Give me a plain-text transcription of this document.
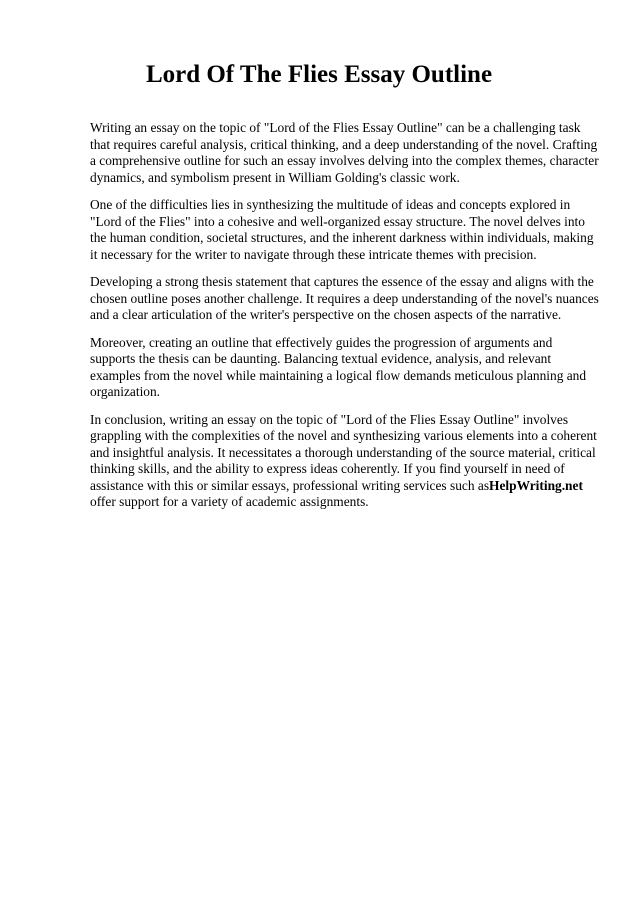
Lord Of The Flies Essay Outline

Writing an essay on the topic of "Lord of the Flies Essay Outline" can be a challenging task that requires careful analysis, critical thinking, and a deep understanding of the novel. Crafting a comprehensive outline for such an essay involves delving into the complex themes, character dynamics, and symbolism present in William Golding's classic work.

One of the difficulties lies in synthesizing the multitude of ideas and concepts explored in "Lord of the Flies" into a cohesive and well-organized essay structure. The novel delves into the human condition, societal structures, and the inherent darkness within individuals, making it necessary for the writer to navigate through these intricate themes with precision.

Developing a strong thesis statement that captures the essence of the essay and aligns with the chosen outline poses another challenge. It requires a deep understanding of the novel's nuances and a clear articulation of the writer's perspective on the chosen aspects of the narrative.

Moreover, creating an outline that effectively guides the progression of arguments and supports the thesis can be daunting. Balancing textual evidence, analysis, and relevant examples from the novel while maintaining a logical flow demands meticulous planning and organization.

In conclusion, writing an essay on the topic of "Lord of the Flies Essay Outline" involves grappling with the complexities of the novel and synthesizing various elements into a coherent and insightful analysis. It necessitates a thorough understanding of the source material, critical thinking skills, and the ability to express ideas coherently. If you find yourself in need of assistance with this or similar essays, professional writing services such asHelpWriting.net
offer support for a variety of academic assignments.
